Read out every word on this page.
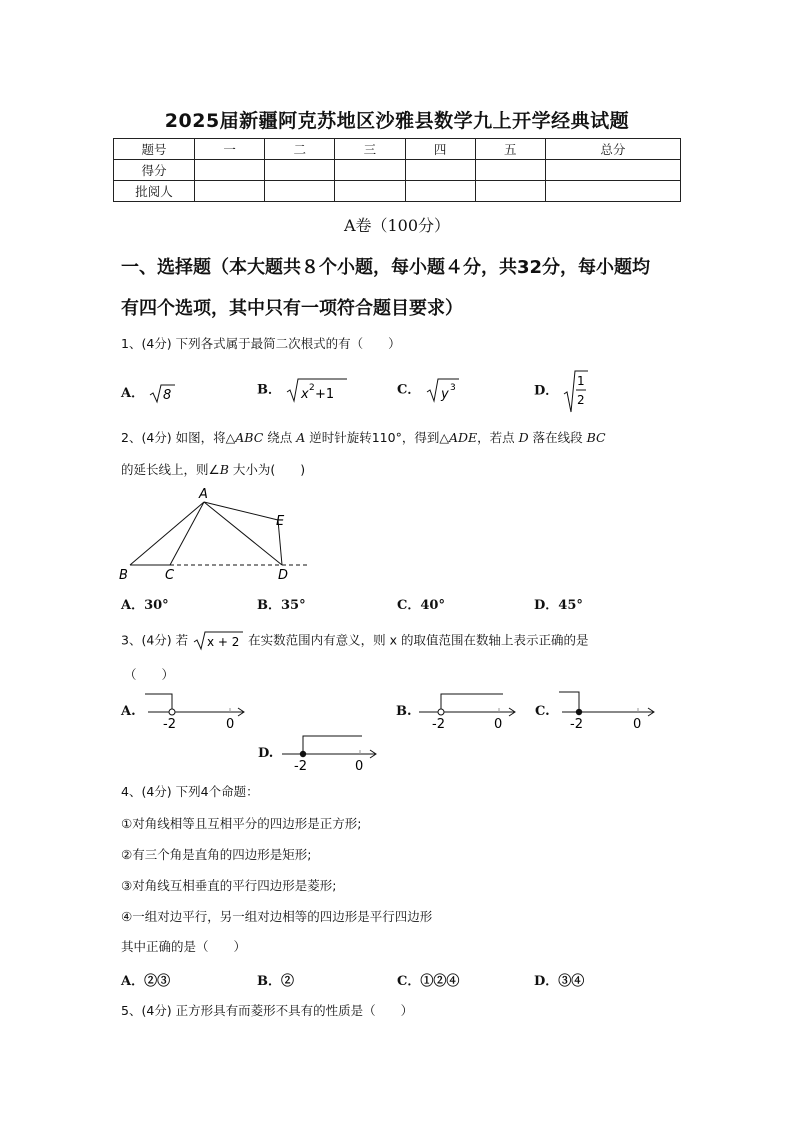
2025届新疆阿克苏地区沙雅县数学九上开学经典试题
题号	一	二	三	四	五	总分
得分						
批阅人						
A卷（100分）
一、选择题（本大题共８个小题，每小题４分，共32分，每小题均
有四个选项，其中只有一项符合题目要求）
1、(4分) 下列各式属于最简二次根式的有（　　）
A． 8	B． x 2 +1	C． y 3	D．
1
2
2、(4分) 如图，将△ABC 绕点 A 逆时针旋转110°，得到△ADE，若点 D 落在线段 BC
的延长线上，则∠B 大小为(　　)
A
B	C	D
E
A．30°	B．35°	C．40°	D．45°
3、(4分) 若 x + 2 在实数范围内有意义，则 x 的取值范围在数轴上表示正确的是
（　　）
A.
-2	0
B.
-2	0
C.
-2	0
D.
-2	0
4、(4分) 下列4个命题：
①对角线相等且互相平分的四边形是正方形;
②有三个角是直角的四边形是矩形;
③对角线互相垂直的平行四边形是菱形;
④一组对边平行，另一组对边相等的四边形是平行四边形
其中正确的是（　　）
A．②③	B．②	C．①②④	D．③④
5、(4分) 正方形具有而菱形不具有的性质是（　　）
